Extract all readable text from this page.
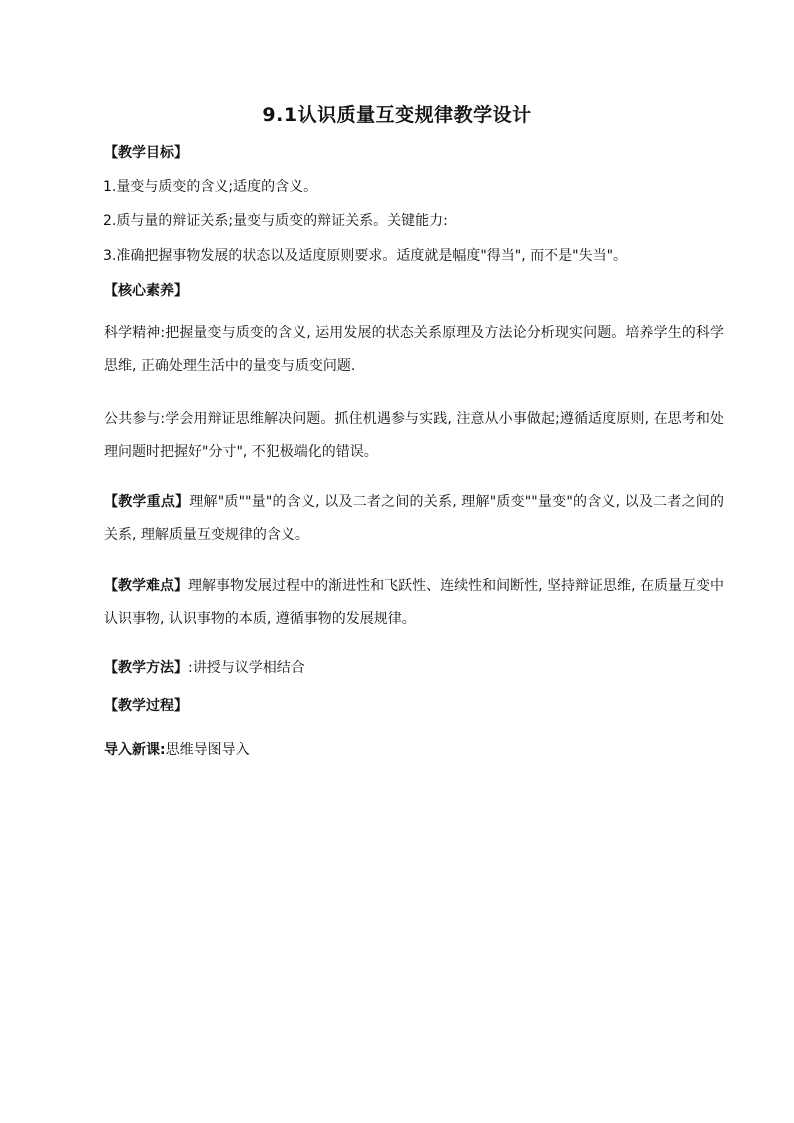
9.1认识质量互变规律教学设计
【教学目标】
1.量变与质变的含义;适度的含义。
2.质与量的辩证关系;量变与质变的辩证关系。关键能力:
3.准确把握事物发展的状态以及适度原则要求。适度就是幅度"得当", 而不是"失当"。
【核心素养】
科学精神:把握量变与质变的含义, 运用发展的状态关系原理及方法论分析现实问题。培养学生的科学思维, 正确处理生活中的量变与质变问题.
公共参与:学会用辩证思维解决问题。抓住机遇参与实践, 注意从小事做起;遵循适度原则, 在思考和处理问题时把握好"分寸", 不犯极端化的错误。
【教学重点】理解"质""量"的含义, 以及二者之间的关系, 理解"质变""量变"的含义, 以及二者之间的关系, 理解质量互变规律的含义。
【教学难点】理解事物发展过程中的渐进性和飞跃性、连续性和间断性, 坚持辩证思维, 在质量互变中认识事物, 认识事物的本质, 遵循事物的发展规律。
【教学方法】:讲授与议学相结合
【教学过程】
导入新课:思维导图导入
